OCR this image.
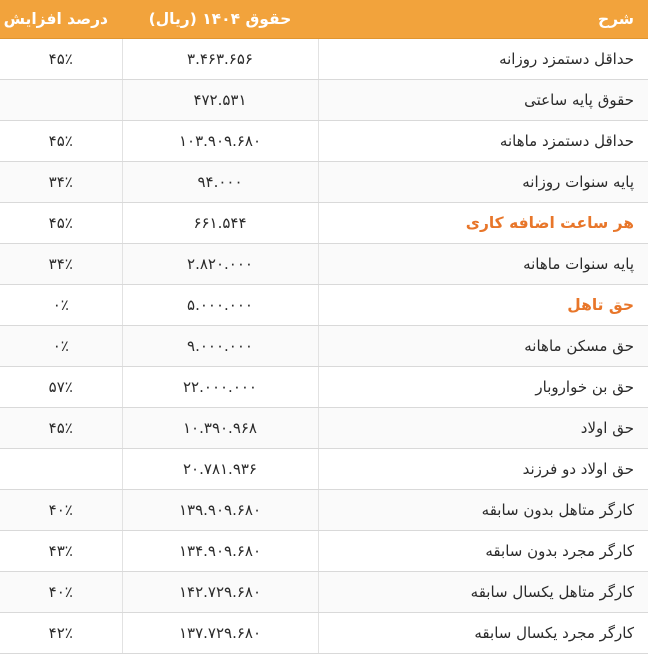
شرح	حقوق ۱۴۰۴ (ریال)	درصد افزایش
حداقل دستمزد روزانه	۳.۴۶۳.۶۵۶	۴۵٪
حقوق پایه ساعتی	۴۷۲.۵۳۱	
حداقل دستمزد ماهانه	۱۰۳.۹۰۹.۶۸۰	۴۵٪
پایه سنوات روزانه	۹۴.۰۰۰	۳۴٪
هر ساعت اضافه کاری	۶۶۱.۵۴۴	۴۵٪
پایه سنوات ماهانه	۲.۸۲۰.۰۰۰	۳۴٪
حق تاهل	۵.۰۰۰.۰۰۰	۰٪
حق مسکن ماهانه	۹.۰۰۰.۰۰۰	۰٪
حق بن خواروبار	۲۲.۰۰۰.۰۰۰	۵۷٪
حق اولاد	۱۰.۳۹۰.۹۶۸	۴۵٪
حق اولاد دو فرزند	۲۰.۷۸۱.۹۳۶	
کارگر متاهل بدون سابقه	۱۳۹.۹۰۹.۶۸۰	۴۰٪
کارگر مجرد بدون سابقه	۱۳۴.۹۰۹.۶۸۰	۴۳٪
کارگر متاهل یکسال سابقه	۱۴۲.۷۲۹.۶۸۰	۴۰٪
کارگر مجرد یکسال سابقه	۱۳۷.۷۲۹.۶۸۰	۴۲٪
